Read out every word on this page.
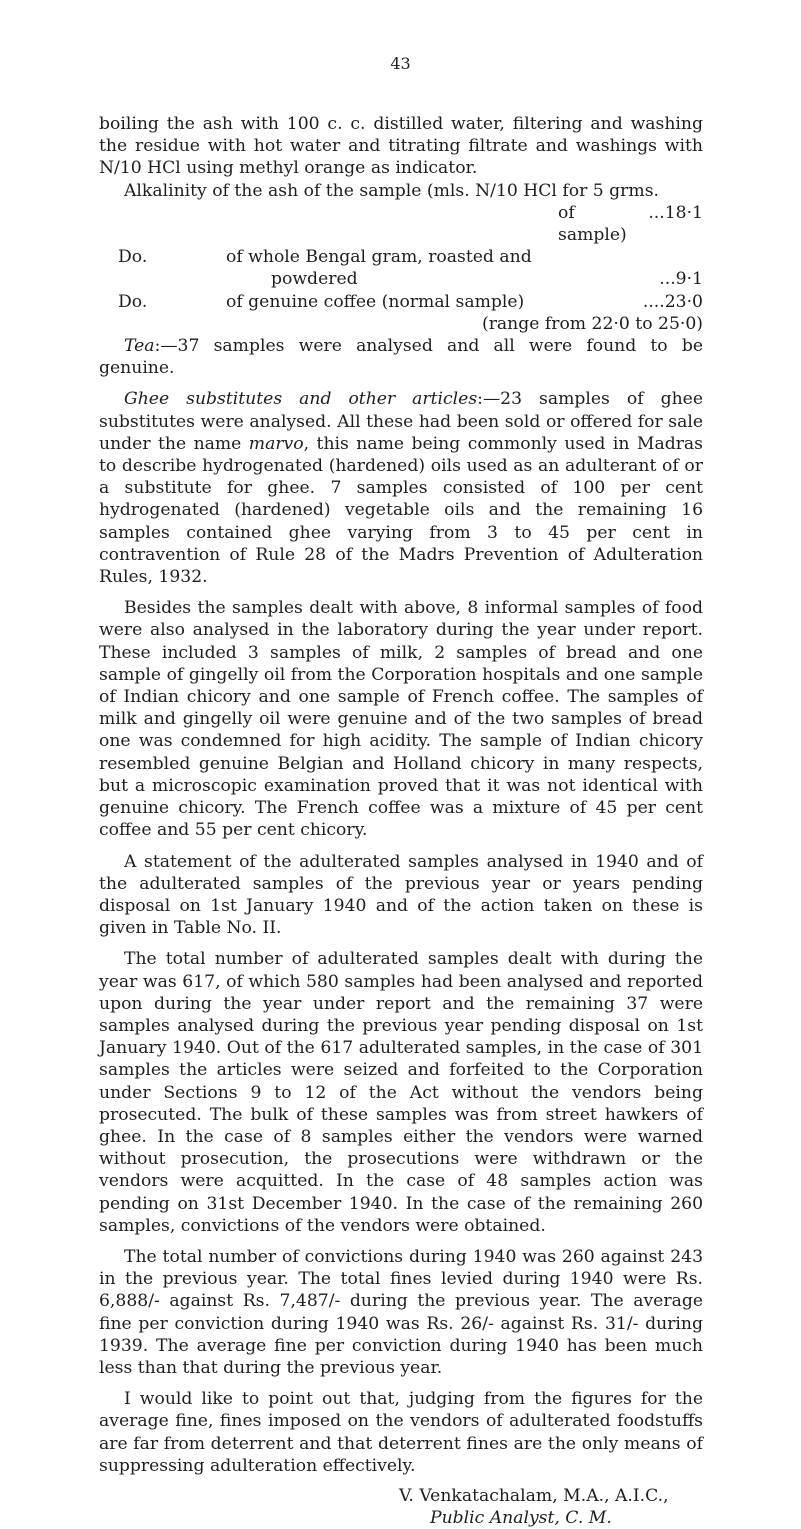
43

boiling the ash with 100 c. c. distilled water, filtering and washing the residue with hot water and titrating filtrate and washings with N/10 HCl using methyl orange as indicator.

Alkalinity of the ash of the sample (mls. N/10 HCl for 5 grms.
of sample)
...18·1
Do.	of whole Bengal gram, roasted and
powdered	...9·1
Do.	of genuine coffee (normal sample)	....23·0
(range from 22·0 to 25·0)

Tea:—37 samples were analysed and all were found to be genuine.

Ghee substitutes and other articles:—23 samples of ghee substitutes were analysed. All these had been sold or offered for sale under the name marvo, this name being commonly used in Madras to describe hydrogenated (hardened) oils used as an adulterant of or a substitute for ghee. 7 samples consisted of 100 per cent hydrogenated (hardened) vegetable oils and the remaining 16 samples contained ghee varying from 3 to 45 per cent in contravention of Rule 28 of the Madrs Prevention of Adulteration Rules, 1932.

Besides the samples dealt with above, 8 informal samples of food were also analysed in the laboratory during the year under report. These included 3 samples of milk, 2 samples of bread and one sample of gingelly oil from the Corporation hospitals and one sample of Indian chicory and one sample of French coffee. The samples of milk and gingelly oil were genuine and of the two samples of bread one was condemned for high acidity. The sample of Indian chicory resembled genuine Belgian and Holland chicory in many respects, but a microscopic examination proved that it was not identical with genuine chicory. The French coffee was a mixture of 45 per cent coffee and 55 per cent chicory.

A statement of the adulterated samples analysed in 1940 and of the adulterated samples of the previous year or years pending disposal on 1st January 1940 and of the action taken on these is given in Table No. II.

The total number of adulterated samples dealt with during the year was 617, of which 580 samples had been analysed and reported upon during the year under report and the remaining 37 were samples analysed during the previous year pending disposal on 1st January 1940. Out of the 617 adulterated samples, in the case of 301 samples the articles were seized and forfeited to the Corporation under Sections 9 to 12 of the Act without the vendors being prosecuted. The bulk of these samples was from street hawkers of ghee. In the case of 8 samples either the vendors were warned without prosecution, the prosecutions were withdrawn or the vendors were acquitted. In the case of 48 samples action was pending on 31st December 1940. In the case of the remaining 260 samples, convictions of the vendors were obtained.

The total number of convictions during 1940 was 260 against 243 in the previous year. The total fines levied during 1940 were Rs. 6,888/- against Rs. 7,487/- during the previous year. The average fine per conviction during 1940 was Rs. 26/- against Rs. 31/- during 1939. The average fine per conviction during 1940 has been much less than that during the previous year.

I would like to point out that, judging from the figures for the average fine, fines imposed on the vendors of adulterated foodstuffs are far from deterrent and that deterrent fines are the only means of suppressing adulteration effectively.

V. Venkatachalam, M.A., A.I.C.,
Public Analyst, C. M.
